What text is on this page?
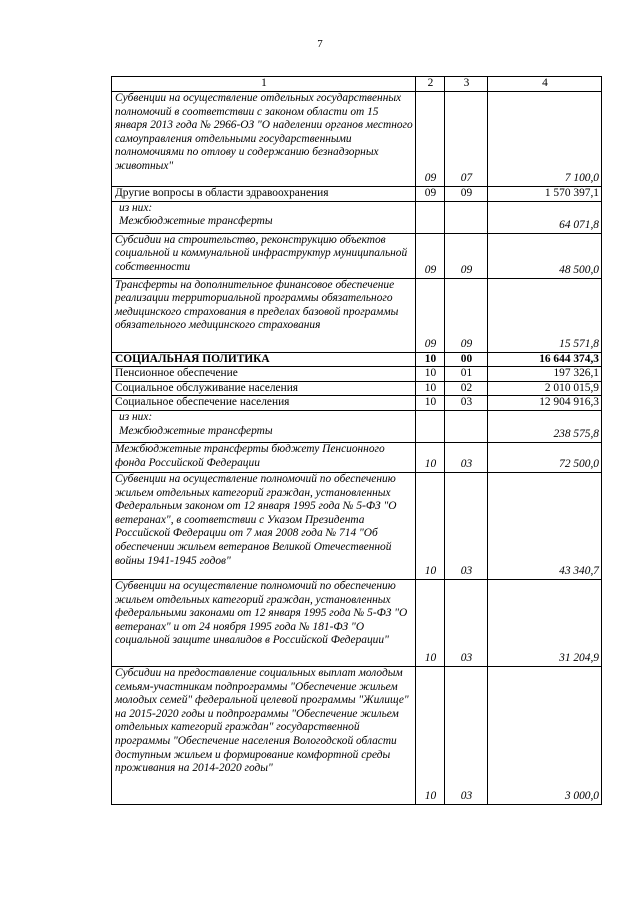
7
1	2	3	4
Субвенции на осуществление отдельных государственных полномочий в соответствии с законом области от 15 января 2013 года № 2966-ОЗ "О наделении органов местного самоуправления отдельными государственными полномочиями по отлову и содержанию безнадзорных животных"	09	07	7 100,0
Другие вопросы в области здравоохранения	09	09	1 570 397,1

из них:
Межбюджетные трансферты			64 071,8
Субсидии на строительство, реконструкцию объектов социальной и коммунальной инфраструктур муниципальной собственности	09	09	48 500,0
Трансферты на дополнительное финансовое обеспечение реализации территориальной программы обязательного медицинского страхования в пределах базовой программы обязательного медицинского страхования	09	09	15 571,8
СОЦИАЛЬНАЯ ПОЛИТИКА	10	00	16 644 374,3
Пенсионное обеспечение	10	01	197 326,1
Социальное обслуживание населения	10	02	2 010 015,9
Социальное обеспечение населения	10	03	12 904 916,3

из них:
Межбюджетные трансферты			238 575,8
Межбюджетные трансферты бюджету Пенсионного фонда Российской Федерации	10	03	72 500,0
Субвенции на осуществление полномочий по обеспечению жильем отдельных категорий граждан, установленных Федеральным законом от 12 января 1995 года № 5-ФЗ "О ветеранах", в соответствии с Указом Президента Российской Федерации от 7 мая 2008 года № 714 "Об обеспечении жильем ветеранов Великой Отечественной войны 1941-1945 годов"	10	03	43 340,7
Субвенции на осуществление полномочий по обеспечению жильем отдельных категорий граждан, установленных федеральными законами от 12 января 1995 года № 5-ФЗ "О ветеранах" и от 24 ноября 1995 года № 181-ФЗ "О социальной защите инвалидов в Российской Федерации"	10	03	31 204,9
Субсидии на предоставление социальных выплат молодым семьям-участникам подпрограммы "Обеспечение жильем молодых семей" федеральной целевой программы "Жилище" на 2015-2020 годы и подпрограммы "Обеспечение жильем отдельных категорий граждан" государственной программы "Обеспечение населения Вологодской области доступным жильем и формирование комфортной среды проживания на 2014-2020 годы"	10	03	3 000,0
